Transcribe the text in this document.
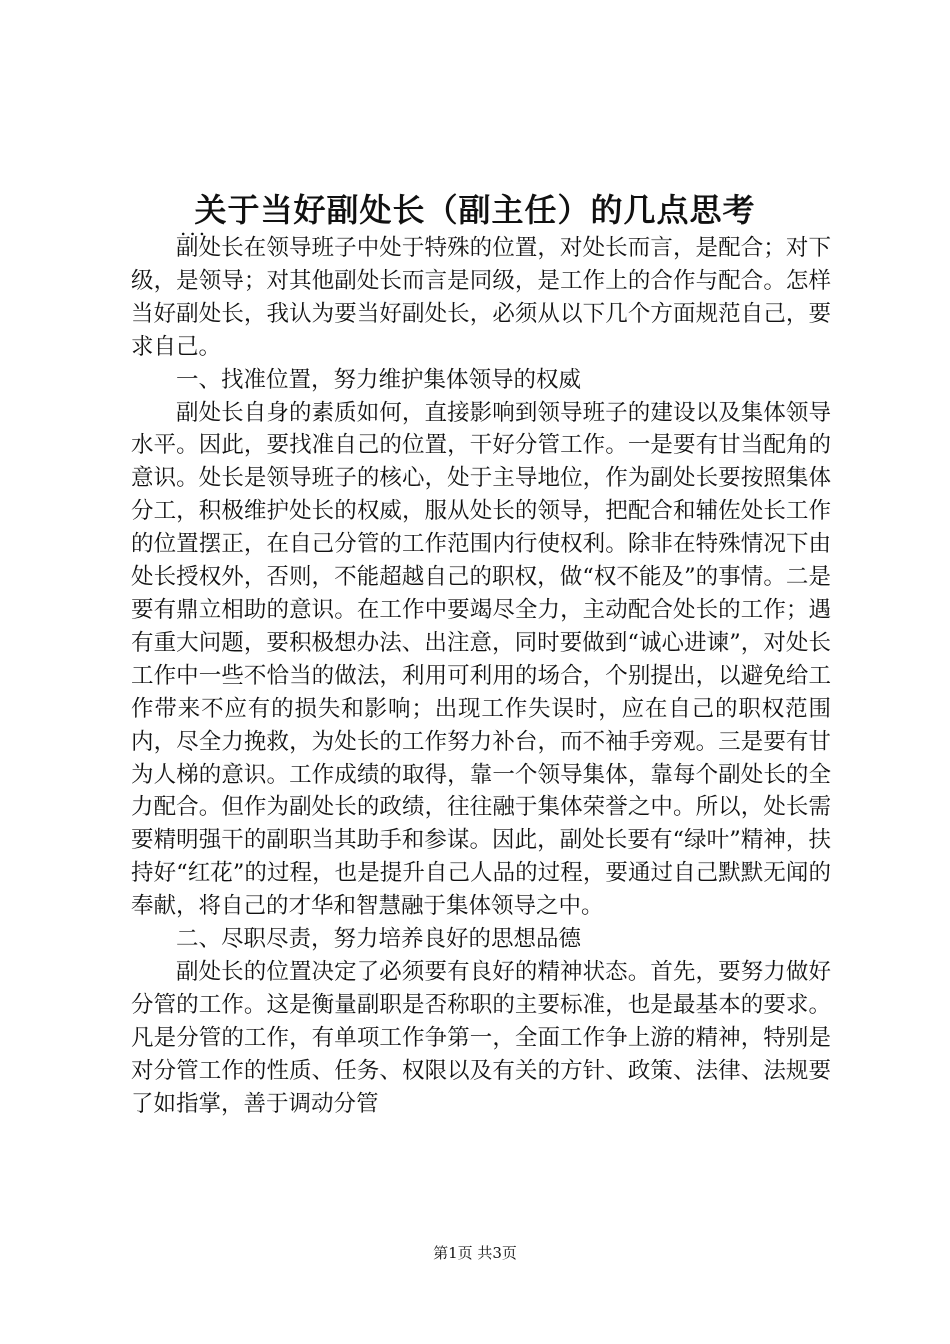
关于当好副处长（副主任）的几点思考
...

副处长在领导班子中处于特殊的位置，对处长而言，是配合；对下级，是领导；对其他副处长而言是同级，是工作上的合作与配合。怎样当好副处长，我认为要当好副处长，必须从以下几个方面规范自己，要求自己。

一、找准位置，努力维护集体领导的权威

副处长自身的素质如何，直接影响到领导班子的建设以及集体领导水平。因此，要找准自己的位置，干好分管工作。一是要有甘当配角的意识。处长是领导班子的核心，处于主导地位，作为副处长要按照集体分工，积极维护处长的权威，服从处长的领导，把配合和辅佐处长工作的位置摆正，在自己分管的工作范围内行使权利。除非在特殊情况下由处长授权外，否则，不能超越自己的职权，做“权不能及”的事情。二是要有鼎立相助的意识。在工作中要竭尽全力，主动配合处长的工作；遇有重大问题，要积极想办法、出注意，同时要做到“诚心进谏”，对处长工作中一些不恰当的做法，利用可利用的场合，个别提出，以避免给工作带来不应有的损失和影响；出现工作失误时，应在自己的职权范围内，尽全力挽救，为处长的工作努力补台，而不袖手旁观。三是要有甘为人梯的意识。工作成绩的取得，靠一个领导集体，靠每个副处长的全力配合。但作为副处长的政绩，往往融于集体荣誉之中。所以，处长需要精明强干的副职当其助手和参谋。因此，副处长要有“绿叶”精神，扶持好“红花”的过程，也是提升自己人品的过程，要通过自己默默无闻的奉献，将自己的才华和智慧融于集体领导之中。

二、尽职尽责，努力培养良好的思想品德

副处长的位置决定了必须要有良好的精神状态。首先，要努力做好分管的工作。这是衡量副职是否称职的主要标准，也是最基本的要求。凡是分管的工作，有单项工作争第一，全面工作争上游的精神，特别是对分管工作的性质、任务、权限以及有关的方针、政策、法律、法规要了如指掌，善于调动分管

第1页 共3页
